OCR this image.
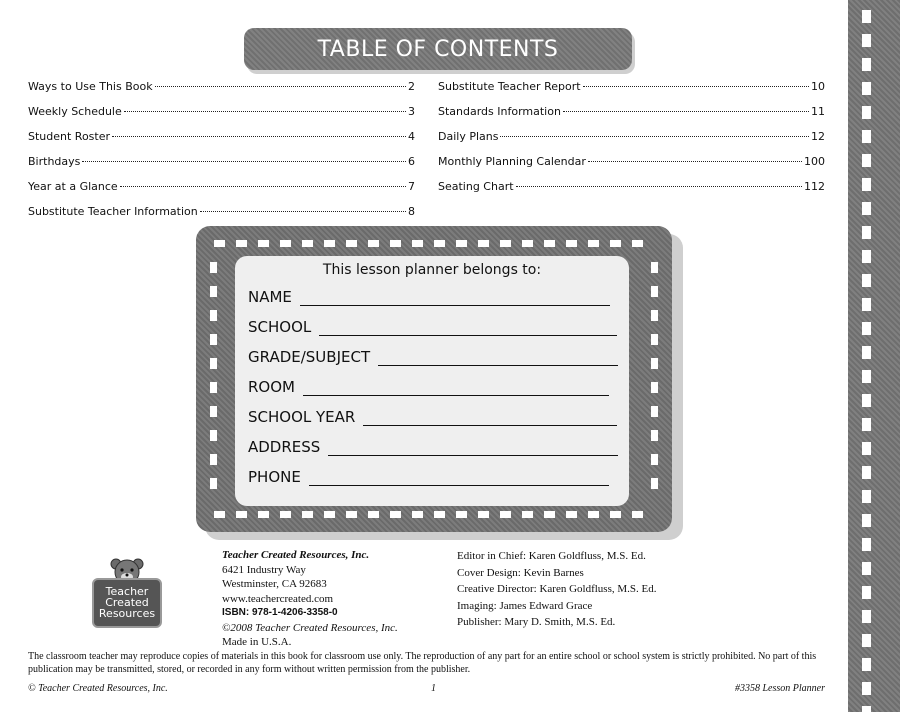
TABLE OF CONTENTS
Ways to Use This Book	2
Weekly Schedule	3
Student Roster	4
Birthdays	6
Year at a Glance	7
Substitute Teacher Information	8
Substitute Teacher Report	10
Standards Information	11
Daily Plans	12
Monthly Planning Calendar	100
Seating Chart	112
This lesson planner belongs to:
NAME
SCHOOL
GRADE/SUBJECT
ROOM
SCHOOL YEAR
ADDRESS
PHONE
Teacher
Created
Resources
Teacher Created Resources, Inc.
6421 Industry Way
Westminster, CA 92683
www.teachercreated.com
ISBN: 978-1-4206-3358-0
©2008 Teacher Created Resources, Inc.
Made in U.S.A.
Editor in Chief: Karen Goldfluss, M.S. Ed.
Cover Design: Kevin Barnes
Creative Director: Karen Goldfluss, M.S. Ed.
Imaging: James Edward Grace
Publisher: Mary D. Smith, M.S. Ed.
The classroom teacher may reproduce copies of materials in this book for classroom use only. The reproduction of any part for an entire school or school system is strictly prohibited. No part of this publication may be transmitted, stored, or recorded in any form without written permission from the publisher.
© Teacher Created Resources, Inc.	1	#3358 Lesson Planner
